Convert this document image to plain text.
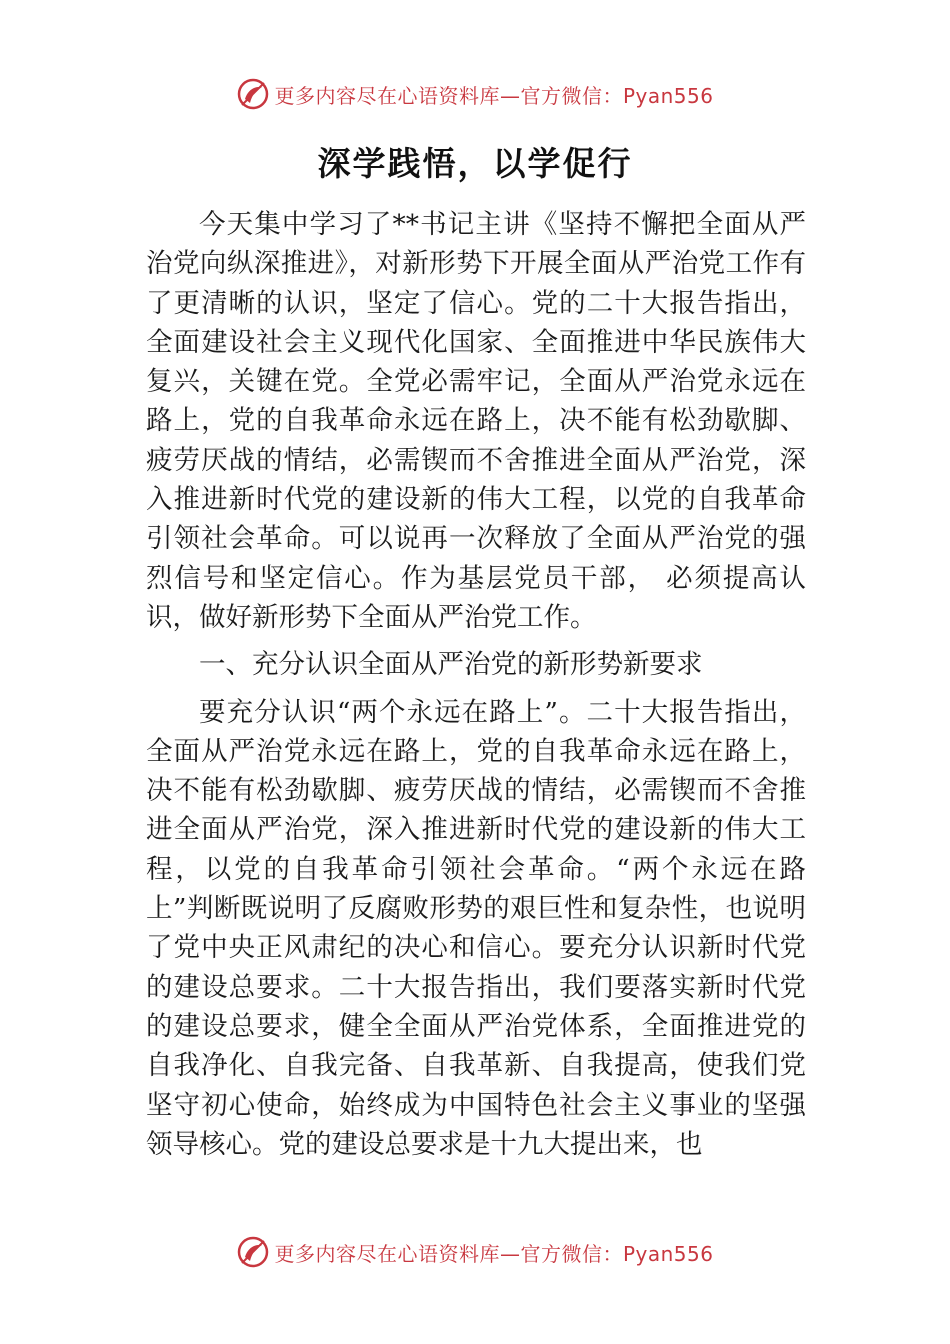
更多内容尽在心语资料库—官方微信：Pyan556
深学践悟，以学促行

今天集中学习了**书记主讲《坚持不懈把全面从严治党向纵深推进》，对新形势下开展全面从严治党工作有了更清晰的认识，坚定了信心。党的二十大报告指出，全面建设社会主义现代化国家、全面推进中华民族伟大复兴，关键在党。全党必需牢记，全面从严治党永远在路上，党的自我革命永远在路上，决不能有松劲歇脚、疲劳厌战的情结，必需锲而不舍推进全面从严治党，深入推进新时代党的建设新的伟大工程，以党的自我革命引领社会革命。可以说再一次释放了全面从严治党的强烈信号和坚定信心。作为基层党员干部， 必须提高认识，做好新形势下全面从严治党工作。

一、充分认识全面从严治党的新形势新要求

要充分认识“两个永远在路上”。二十大报告指出，全面从严治党永远在路上，党的自我革命永远在路上，决不能有松劲歇脚、疲劳厌战的情结，必需锲而不舍推进全面从严治党，深入推进新时代党的建设新的伟大工程，以党的自我革命引领社会革命。“两个永远在路上”判断既说明了反腐败形势的艰巨性和复杂性，也说明了党中央正风肃纪的决心和信心。要充分认识新时代党的建设总要求。二十大报告指出，我们要落实新时代党的建设总要求，健全全面从严治党体系，全面推进党的自我净化、自我完备、自我革新、自我提高，使我们党坚守初心使命，始终成为中国特色社会主义事业的坚强领导核心。党的建设总要求是十九大提出来，也

更多内容尽在心语资料库—官方微信：Pyan556
